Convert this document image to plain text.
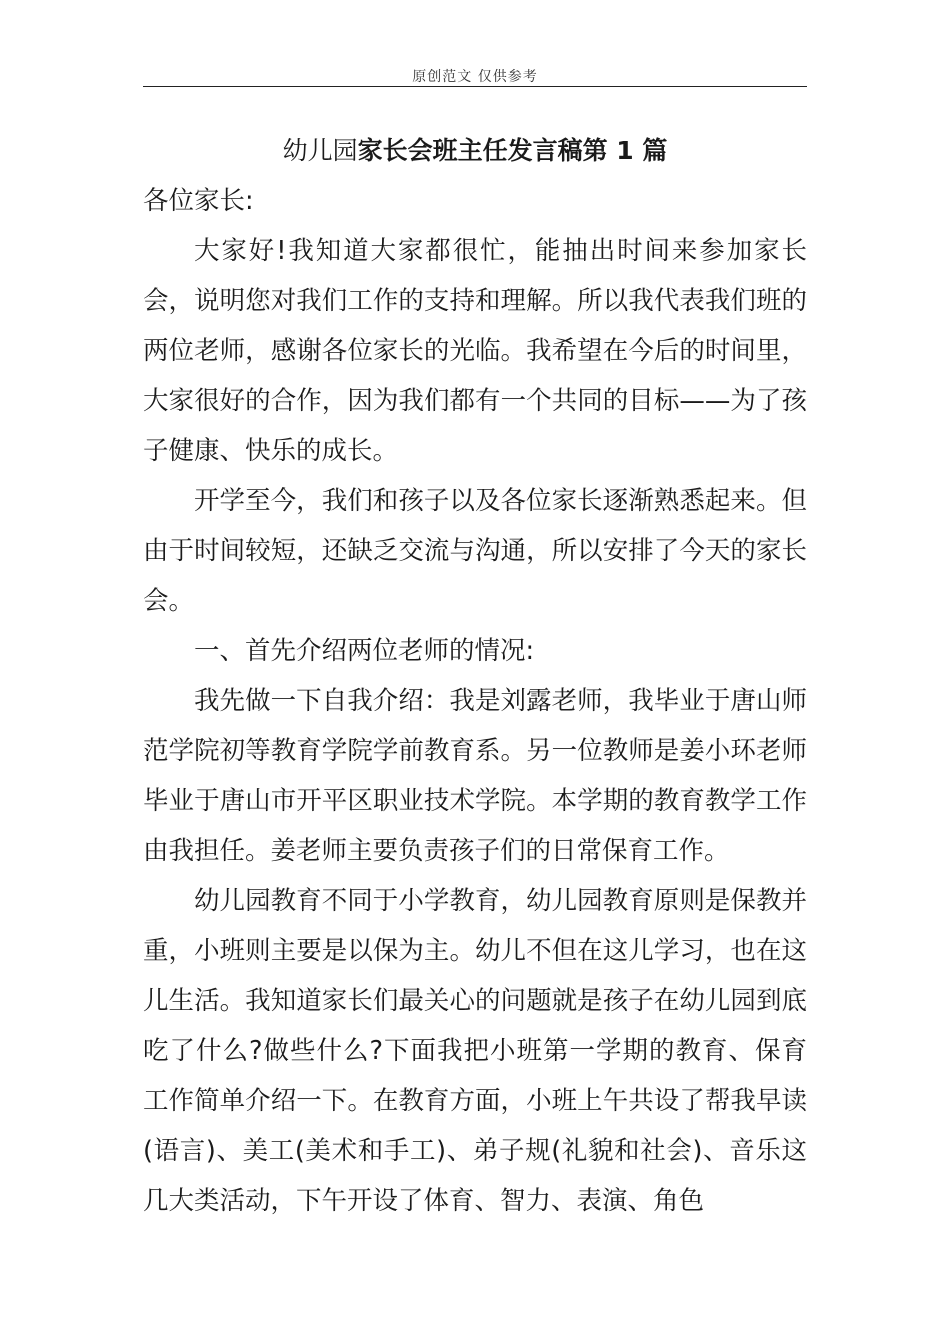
原创范文 仅供参考
幼儿园家长会班主任发言稿第 1 篇

各位家长:

大家好!我知道大家都很忙，能抽出时间来参加家长会，说明您对我们工作的支持和理解。所以我代表我们班的两位老师，感谢各位家长的光临。我希望在今后的时间里，大家很好的合作，因为我们都有一个共同的目标——为了孩子健康、快乐的成长。

开学至今，我们和孩子以及各位家长逐渐熟悉起来。但由于时间较短，还缺乏交流与沟通，所以安排了今天的家长会。

一、首先介绍两位老师的情况:

我先做一下自我介绍：我是刘露老师，我毕业于唐山师范学院初等教育学院学前教育系。另一位教师是姜小环老师毕业于唐山市开平区职业技术学院。本学期的教育教学工作由我担任。姜老师主要负责孩子们的日常保育工作。

幼儿园教育不同于小学教育，幼儿园教育原则是保教并重，小班则主要是以保为主。幼儿不但在这儿学习，也在这儿生活。我知道家长们最关心的问题就是孩子在幼儿园到底吃了什么?做些什么?下面我把小班第一学期的教育、保育工作简单介绍一下。在教育方面，小班上午共设了帮我早读(语言)、美工(美术和手工)、弟子规(礼貌和社会)、音乐这几大类活动，下午开设了体育、智力、表演、角色
